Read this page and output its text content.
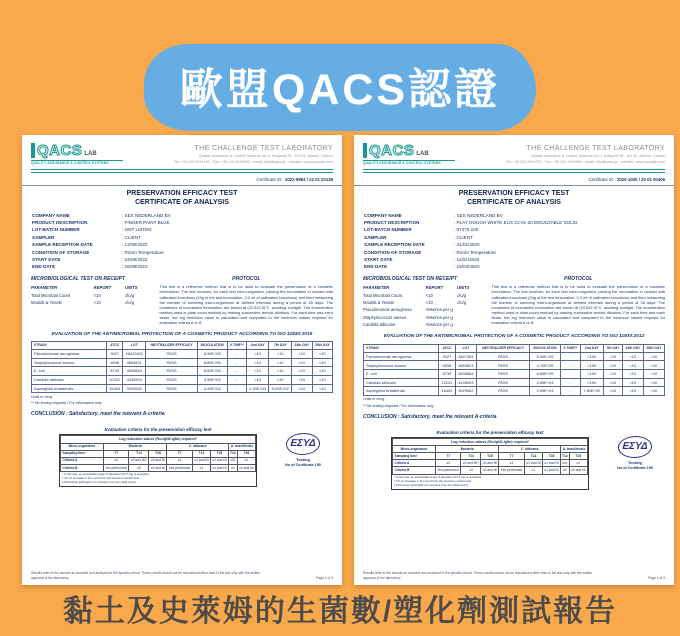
歐盟QACS認證
QACS LAB
QUALITY ASSURANCE & CONTROL SYSTEMS
THE CHALLENGE TEST LABORATORY
Quality Assurance & Control Systems Ltd.,1 Antigonis St., 144 51, Athens, Greece
Tel: +30 210 2934745 - Fax: +30 210 2934606 - email: info@qacs.gr - website: www.qacslab.com
Certificate ID : 2022-9983 / 22 01 03139
PRESERVATION EFFICACY TEST
CERTIFICATE OF ANALYSIS
COMPANY NAME	: SES NEDERLAND BV
PRODUCT DESCRIPTION	: FINGER PAINT BLUE
LOT-BATCH NUMBER	: NOT LISTED
SAMPLER	: CLIENT
SAMPLE RECEPTION DATE	: 12/08/2022
CONDITION OF STORAGE	: Room Temperature
START DATE	: 24/08/2022
END DATE	: 26/09/2022
MICROBIOLOGICAL TEST ON RECEIPT
PARAMETER	REPORT	UNITS
Total Microbial Count	<10	cfu/g
Moulds & Yeasts	<10	cfu/g
PROTOCOL
This test is a reference method that is to be used to evaluate the preservation of a cosmetic formulation. The test involves, for each test micro-organism, placing the formulation in contact with calibrated inoculums (20g of the test formulation, 0.2 ml of calibrated inoculums) and then measuring the number of surviving micro-organisms at defined intervals during a period of 28 days. The containers of inoculation formulation are stored at (22.5±2.5)°C, avoiding sunlight. The enumeration method used is plate count method by making successive tenfold dilutions. For each time and each strain, the log reduction value is calculated and compared to the minimum values required for evaluation criteria A or B.
EVALUATION OF THE ANTIMICROBIAL PROTECTION OF A COSMETIC PRODUCT ACCORDING TO ISO 11930:2019
STRAIN	ATCC	LOT	NEUTRALIZER EFFICACY	INOCULATION	0 TIME**	2nd DAY	7th DAY	14th DAY	28th DAY
Pseudomonas aeruginosa	9027	48412452	PASS	8.90E+05	-	<10	<10	<10	<10
Staphylococcus aureus	6538	4854821	PASS	8.80E+05	-	<10	<10	<10	<10
E. coli	8739	4835664	PASS	8.60E+05	-	<10	<10	<10	<10
Candida albicans	10231	4435903	PASS	3.50E+04	-	<10	<10	<10	<10
Aspergillus brasiliensis	16404	3929552	PASS	4.20E+04	-	1.90E+04	9.00E+02	<10	<10
Units in cfu/g
** No testing required / For information only
CONCLUSION : Satisfactory, meet the relevant A-criteria
Evaluation criteria for the preservation efficacy test
Log reduction values (Rx=lgN0-lgNx) required*								
Micro-organisms	Bacteria			C. albicans			A. brasiliensis	
Sampling time	T7	T14	T28	T7	T14	T28	T14	T28
Criteria A	≥3	≥3 and NI†	≥3 and NI	≥1	≥1 and NI	≥1 and NI	≥0‡	≥1
Criteria B	Not performed	≥3	≥3 and NI	Not performed	≥1	≥1 and NI	≥0	≥0 and NI
* In this test, an acceptable range of deviation of 0.5 log is accepted.
† NI: no increase in the count from the previous contact time.
‡ Rx/0 when lgN0-lgNx (no increase from the initial count).
ΕΣΥΔ
Testing
No of Certificate 195
Results refer to the sample as received and analyzed in the specific period. These results should not be reproduced other than in full and only with the written approval of the laboratory.	Page 1 of 3
QACS LAB
QUALITY ASSURANCE & CONTROL SYSTEMS
THE CHALLENGE TEST LABORATORY
Quality Assurance & Control Systems Ltd.,1 Antigonis St., 144 51, Athens, Greece
Tel: +30 210 2934745 - Fax: +30 210 2934606 - email: info@qacs.gr - website: www.qacslab.com
Certificate ID : 2020-1030 / 20 01 00406
PRESERVATION EFFICACY TEST
CERTIFICATE OF ANALYSIS
COMPANY NAME	: SES NEDERLAND BV
PRODUCT DESCRIPTION	: PLAY DOUGH WHITE EUX 21-01-20 MOULDABLE SOLID
LOT-BATCH NUMBER	: 97470.100
SAMPLER	: CLIENT
SAMPLE RECEPTION DATE	: 31/01/2020
CONDITION OF STORAGE	: Room Temperature
START DATE	: 11/02/2020
END DATE	: 16/03/2020
MICROBIOLOGICAL TEST ON RECEIPT
PARAMETER	REPORT	UNITS
Total Microbial Count	<10	cfu/g
Moulds & Yeasts	<10	cfu/g
Pseudomonas aeruginosa	Absence per g	
Staphylococcus aureus	Absence per g	
Candida albicans	Absence per g	
PROTOCOL
This test is a reference method that is to be used to evaluate the preservation of a cosmetic formulation. The test involves, for each test micro-organism, placing the formulation in contact with calibrated inoculums (20g of the test formulation, 0.2 ml of calibrated inoculums) and then measuring the number of surviving micro-organisms at defined intervals during a period of 28 days. The containers of inoculation formulation are stored at (22.5±2.5)°C, avoiding sunlight. The enumeration method used is plate count method by making successive tenfold dilutions. For each time and each strain, the log reduction value is calculated and compared to the minimum values required for evaluation criteria A or B.
EVALUATION OF THE ANTIMICROBIAL PROTECTION OF A COSMETIC PRODUCT ACCORDING TO ISO 11930:2012
STRAIN	ATCC	LOT	NEUTRALIZER EFFICACY	INOCULATION	0 TIME**	2nd DAY	7th DAY	14th DAY	28th DAY
Pseudomonas aeruginosa	9027	4847054	PASS	5.40E+05	-	<100	<10	<10	<10
Staphylococcus aureus	6538	4854821	PASS	4.70E+05	-	<100	<10	<10	<10
E. coli	8739	4835664	PASS	6.80E+05	-	<100	<10	<10	<10
Candida albicans	10231	4435903	PASS	4.50E+04	-	<100	<10	<10	<10
Aspergillus brasiliensis	16404	3929552	PASS	4.90E+04	-	7.60E+02	<10	<10	<10
Units in cfu/g
** No testing required / For information only
CONCLUSION : Satisfactory, meet the relevant A-criteria
Evaluation criteria for the preservation efficacy test
Log reduction values (Rx=lgN0-lgNx) required*								
Micro-organisms	Bacteria			C. albicans			A. brasiliensis	
Sampling time	T7	T14	T28	T7	T14	T28	T14	T28
Criteria A	≥3	≥3 and NI†	≥3 and NI	≥1	≥1 and NI	≥1 and NI	≥0‡	≥1
Criteria B	Not performed	≥3	≥3 and NI	Not performed	≥1	≥1 and NI	≥0	≥0 and NI
* In this test, an acceptable range of deviation of 0.5 log is accepted.
† NI: no increase in the count from the previous contact time.
‡ Rx/0 when lgN0-lgNx (no increase from the initial count).
ΕΣΥΔ
Testing
No of Certificate 195
Results refer to the sample as received and analyzed in the specific period. These results should not be reproduced other than in full and only with the written approval of the laboratory.	Page 1 of 3
黏土及史萊姆的生菌數/塑化劑測試報告
